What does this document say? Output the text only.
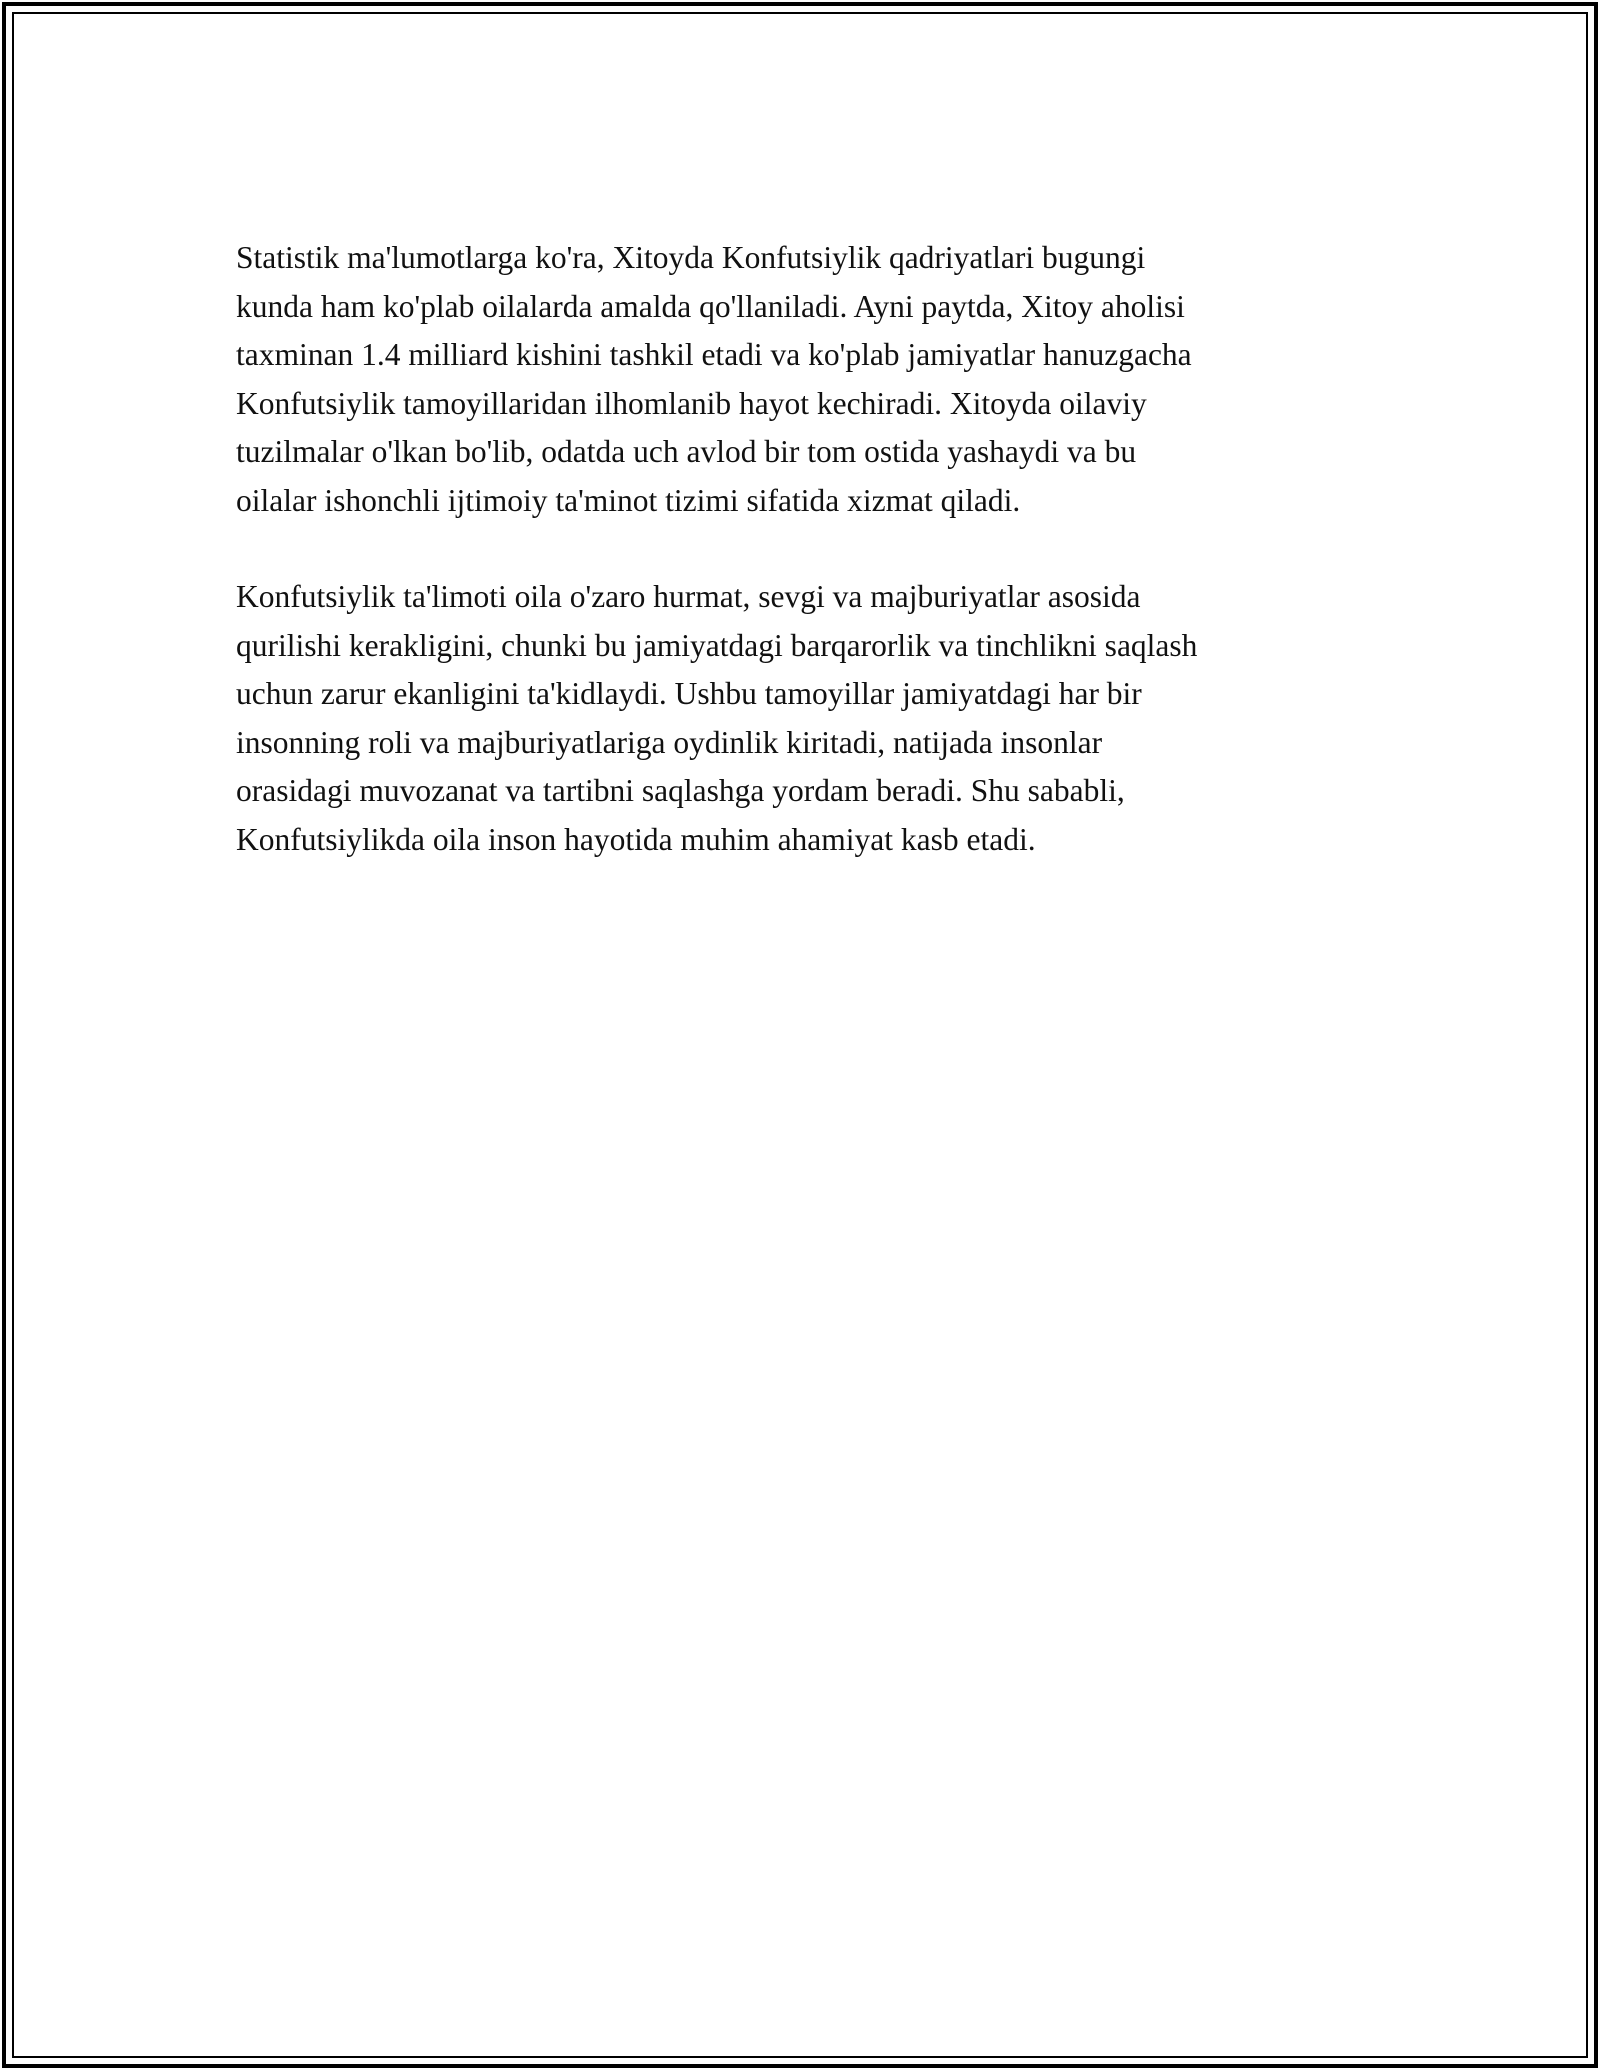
Statistik ma'lumotlarga ko'ra, Xitoyda Konfutsiylik qadriyatlari bugungi
kunda ham ko'plab oilalarda amalda qo'llaniladi. Ayni paytda, Xitoy aholisi
taxminan 1.4 milliard kishini tashkil etadi va ko'plab jamiyatlar hanuzgacha
Konfutsiylik tamoyillaridan ilhomlanib hayot kechiradi. Xitoyda oilaviy
tuzilmalar o'lkan bo'lib, odatda uch avlod bir tom ostida yashaydi va bu
oilalar ishonchli ijtimoiy ta'minot tizimi sifatida xizmat qiladi.

Konfutsiylik ta'limoti oila o'zaro hurmat, sevgi va majburiyatlar asosida
qurilishi kerakligini, chunki bu jamiyatdagi barqarorlik va tinchlikni saqlash
uchun zarur ekanligini ta'kidlaydi. Ushbu tamoyillar jamiyatdagi har bir
insonning roli va majburiyatlariga oydinlik kiritadi, natijada insonlar
orasidagi muvozanat va tartibni saqlashga yordam beradi. Shu sababli,
Konfutsiylikda oila inson hayotida muhim ahamiyat kasb etadi.
